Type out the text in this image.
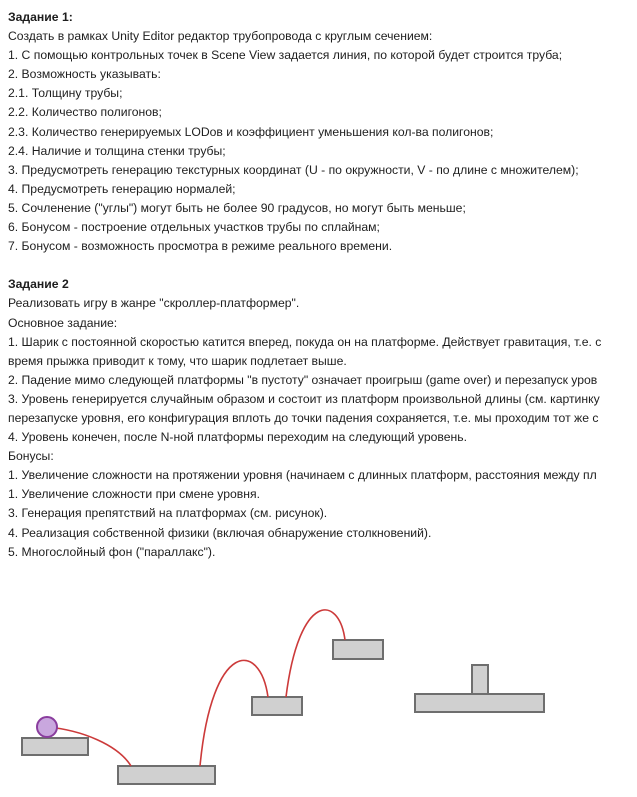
Задание 1:
Создать в рамках Unity Editor редактор трубопровода с круглым сечением:
1. С помощью контрольных точек в Scene View задается линия, по которой будет строится труба;
2. Возможность указывать:
2.1. Толщину трубы;
2.2. Количество полигонов;
2.3. Количество генерируемых LODов и коэффициент уменьшения кол-ва полигонов;
2.4. Наличие и толщина стенки трубы;
3. Предусмотреть генерацию текстурных координат (U - по окружности, V - по длине с множителем);
4. Предусмотреть генерацию нормалей;
5. Сочленение ("углы") могут быть не более 90 градусов, но могут быть меньше;
6. Бонусом - построение отдельных участков трубы по сплайнам;
7. Бонусом - возможность просмотра в режиме реального времени.
Задание 2
Реализовать игру в жанре "скроллер-платформер".
Основное задание:
1. Шарик с постоянной скоростью катится вперед, покуда он на платформе. Действует гравитация, т.е. с
время прыжка приводит к тому, что шарик подлетает выше.
2. Падение мимо следующей платформы "в пустоту" означает проигрыш (game over) и перезапуск уров
3. Уровень генерируется случайным образом и состоит из платформ произвольной длины (см. картинку
перезапуске уровня, его конфигурация вплоть до точки падения сохраняется, т.е. мы проходим тот же с
4. Уровень конечен, после N-ной платформы переходим на следующий уровень.
Бонусы:
1. Увеличение сложности на протяжении уровня (начинаем с длинных платформ, расстояния между пл
1. Увеличение сложности при смене уровня.
3. Генерация препятствий на платформах (см. рисунок).
4. Реализация собственной физики (включая обнаружение столкновений).
5. Многослойный фон ("параллакс").
